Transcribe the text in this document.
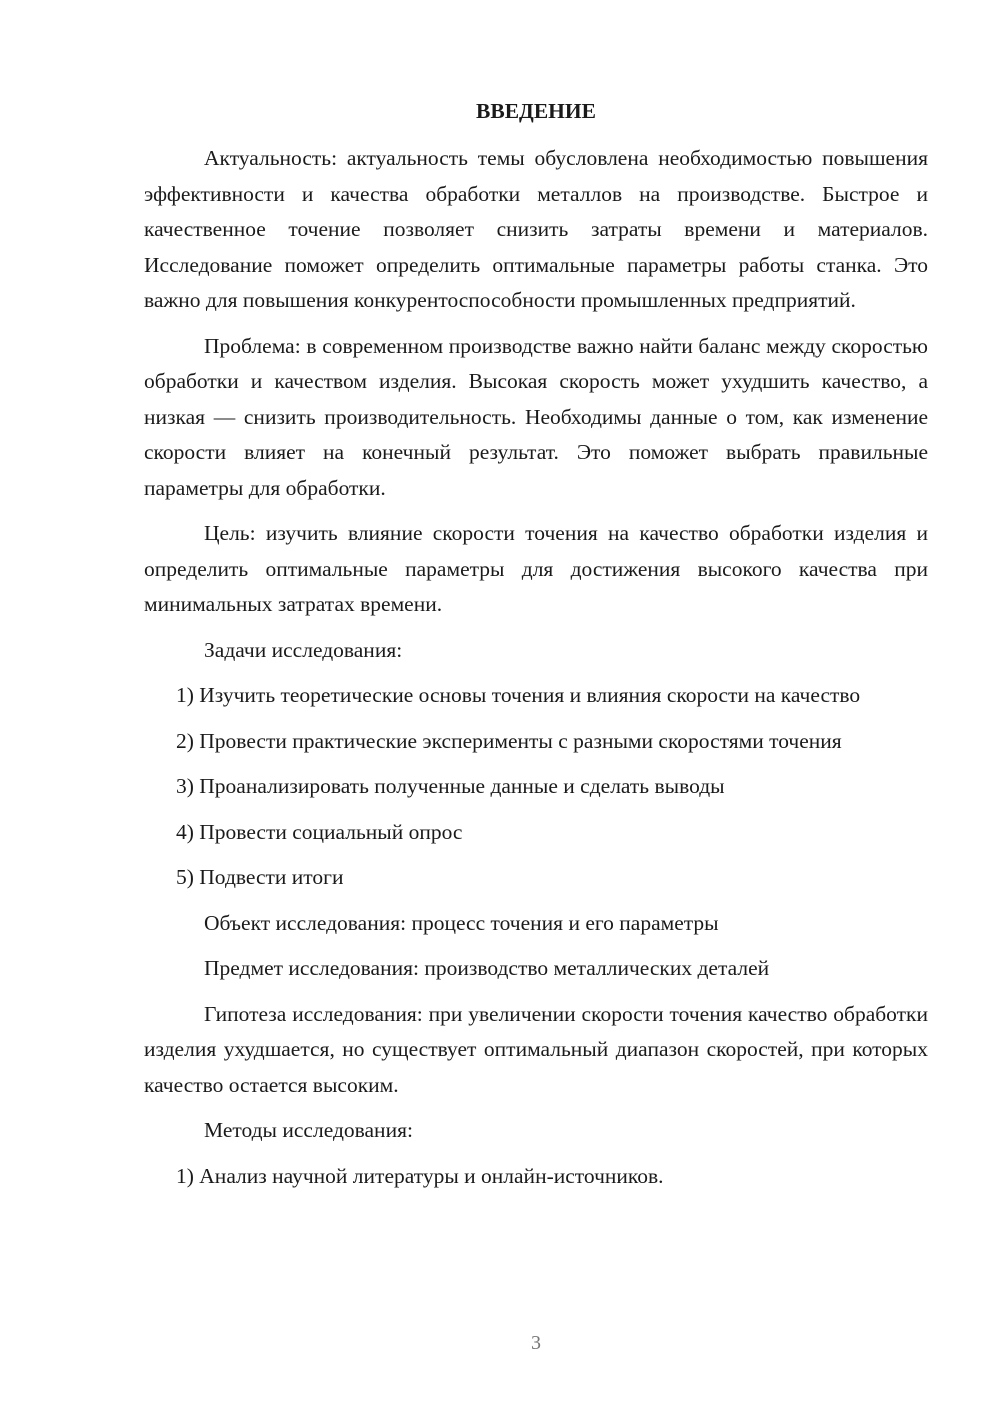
ВВЕДЕНИЕ

Актуальность: актуальность темы обусловлена необходимостью повышения эффективности и качества обработки металлов на производстве. Быстрое и качественное точение позволяет снизить затраты времени и материалов. Исследование поможет определить оптимальные параметры работы станка. Это важно для повышения конкурентоспособности промышленных предприятий.

Проблема: в современном производстве важно найти баланс между скоростью обработки и качеством изделия. Высокая скорость может ухудшить качество, а низкая — снизить производительность. Необходимы данные о том, как изменение скорости влияет на конечный результат. Это поможет выбрать правильные параметры для обработки.

Цель: изучить влияние скорости точения на качество обработки изделия и определить оптимальные параметры для достижения высокого качества при минимальных затратах времени.

Задачи исследования:

1) Изучить теоретические основы точения и влияния скорости на качество

2) Провести практические эксперименты с разными скоростями точения

3) Проанализировать полученные данные и сделать выводы

4) Провести социальный опрос

5) Подвести итоги

Объект исследования: процесс точения и его параметры

Предмет исследования: производство металлических деталей

Гипотеза исследования: при увеличении скорости точения качество обработки изделия ухудшается, но существует оптимальный диапазон скоростей, при которых качество остается высоким.

Методы исследования:

1) Анализ научной литературы и онлайн-источников.

3
